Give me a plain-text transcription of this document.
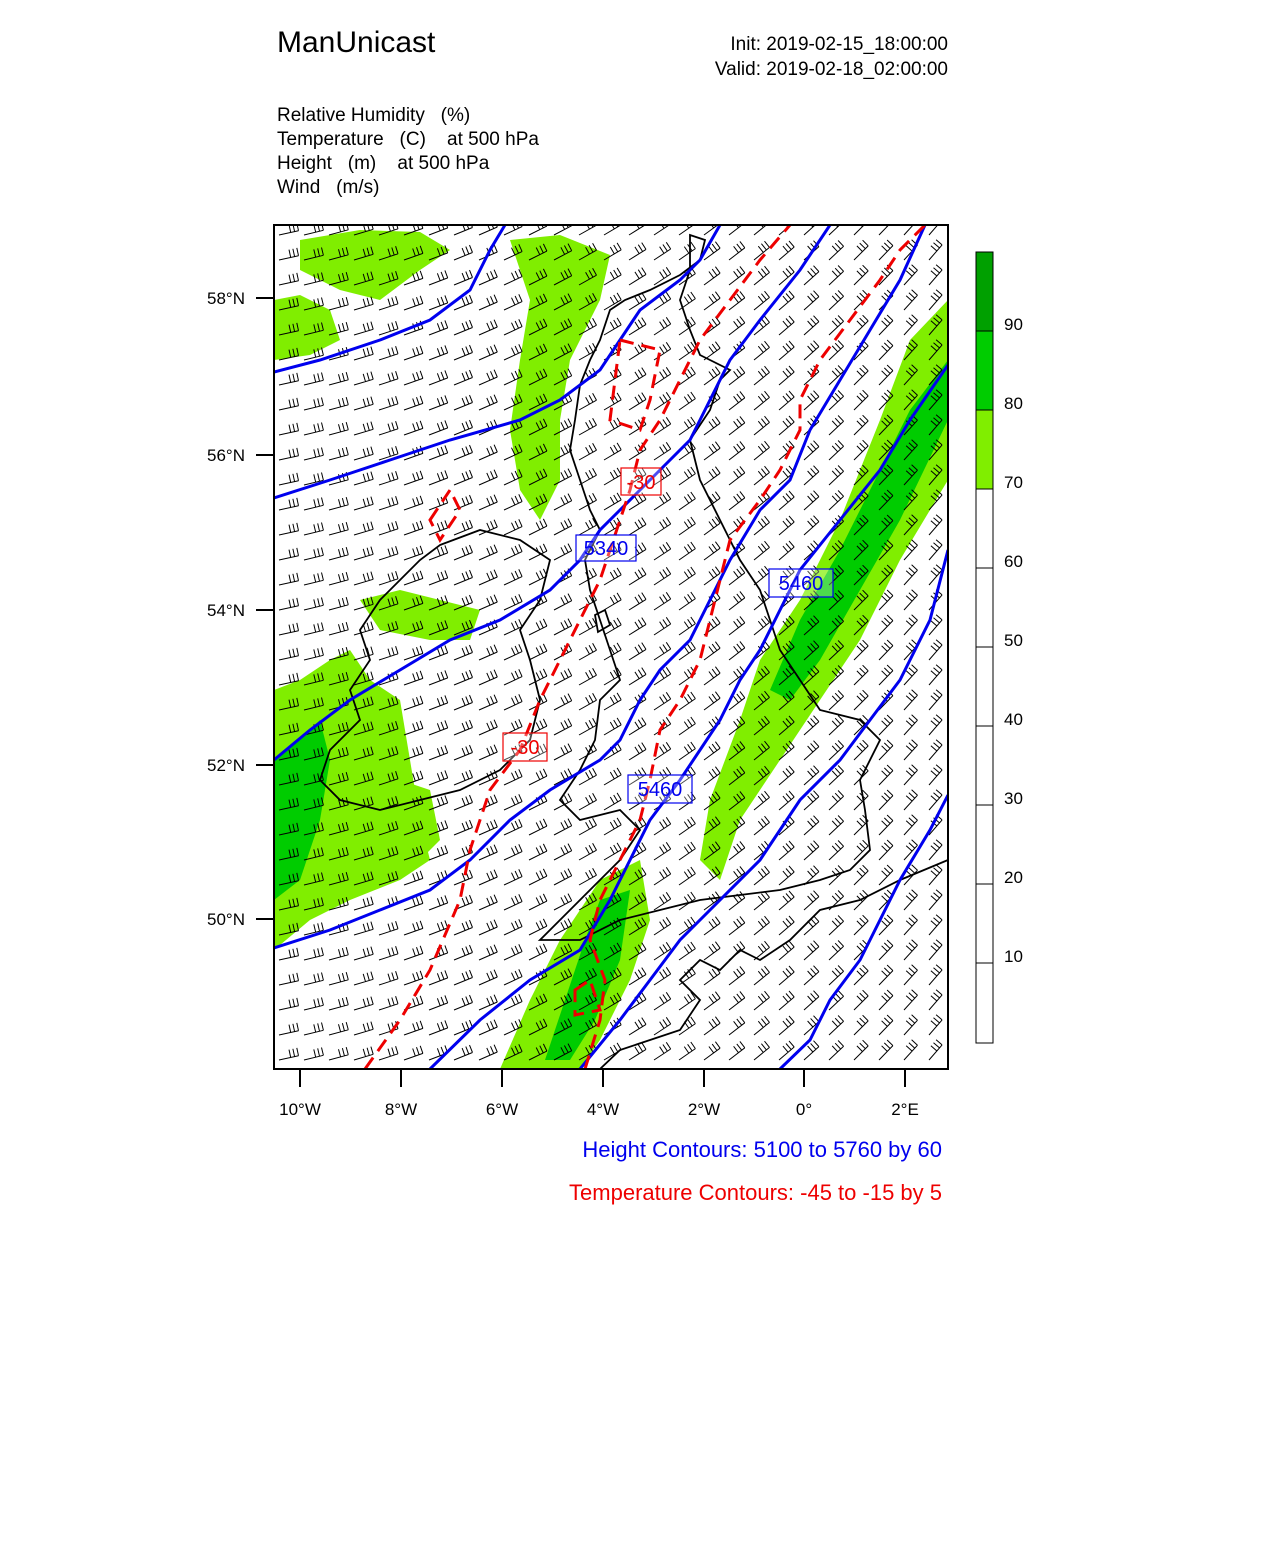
ManUnicast	Init: 2019-02-15_18:00:00
Valid: 2019-02-18_02:00:00
Relative Humidity (%)
Temperature (C) at 500 hPa
Height (m) at 500 hPa
Wind (m/s)
5340
5460
5460
-30
-30
58°N
56°N
54°N
52°N
50°N
10°W	8°W	6°W	4°W	2°W	0°	2°E
90
80
70
60
50
40
30
20
10
Height Contours: 5100 to 5760 by 60
Temperature Contours: -45 to -15 by 5
